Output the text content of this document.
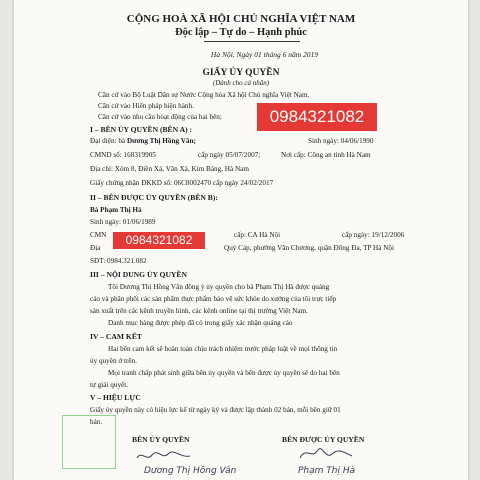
CỘNG HOÀ XÃ HỘI CHỦ NGHĨA VIỆT NAM
Độc lập – Tự do – Hạnh phúc
Hà Nội, Ngày 01 tháng 6 năm 2019
GIẤY ỦY QUYỀN
(Dành cho cá nhân)
Căn cứ vào Bộ Luật Dân sự Nước Cộng hòa Xã hội Chủ nghĩa Việt Nam.
Căn cứ vào Hiến pháp hiện hành.
Căn cứ vào nhu cầu hoạt động của hai bên;
I – BÊN ỦY QUYỀN (BÊN A) :
Đại diện: bà Dương Thị Hồng Vân;	Sinh ngày: 04/06/1990
CMND số: 168319905	cấp ngày 05/07/2007;	Nơi cấp: Công an tỉnh Hà Nam
Địa chỉ: Xóm 8, Điền Xá, Văn Xá, Kim Bảng, Hà Nam
Giấy chứng nhận ĐKKD số: 06C8002470 cấp ngày 24/02/2017
II – BÊN ĐƯỢC ỦY QUYỀN (BÊN B):
Bà Phạm Thị Hà
Sinh ngày: 01/06/1989
CMN	cấp: CA Hà Nội	cấp ngày: 19/12/2006
Địa	Quý Cáp, phường Văn Chương, quận Đống Đa, TP Hà Nội
SĐT: 0984.321.082
III – NỘI DUNG ỦY QUYỀN
Tôi Dương Thị Hồng Vân đồng ý ủy quyền cho bà Phạm Thị Hà được quảng
cáo và phân phối các sản phẩm thực phẩm bảo vệ sức khỏe do xưởng của tôi trực tiếp
sản xuất trên các kênh truyền hình, các kênh online tại thị trường Việt Nam.
Danh mục hàng được phép đã có trong giấy xác nhận quảng cáo
IV – CAM KẾT
Hai bên cam kết sẽ hoàn toàn chịu trách nhiệm trước pháp luật về mọi thông tin
ủy quyền ở trên.
Mọi tranh chấp phát sinh giữa bên ủy quyền và bên được ủy quyền sẽ do hai bên
tự giải quyết.
V – HIỆU LỰC
Giấy ủy quyền này có hiệu lực kể từ ngày ký và được lập thành 02 bản, mỗi bên giữ 01
bản.
BÊN ỦY QUYỀN	BÊN ĐƯỢC ỦY QUYỀN
Dương Thị Hồng Vân	Phạm Thị Hà
0984321082
0984321082
